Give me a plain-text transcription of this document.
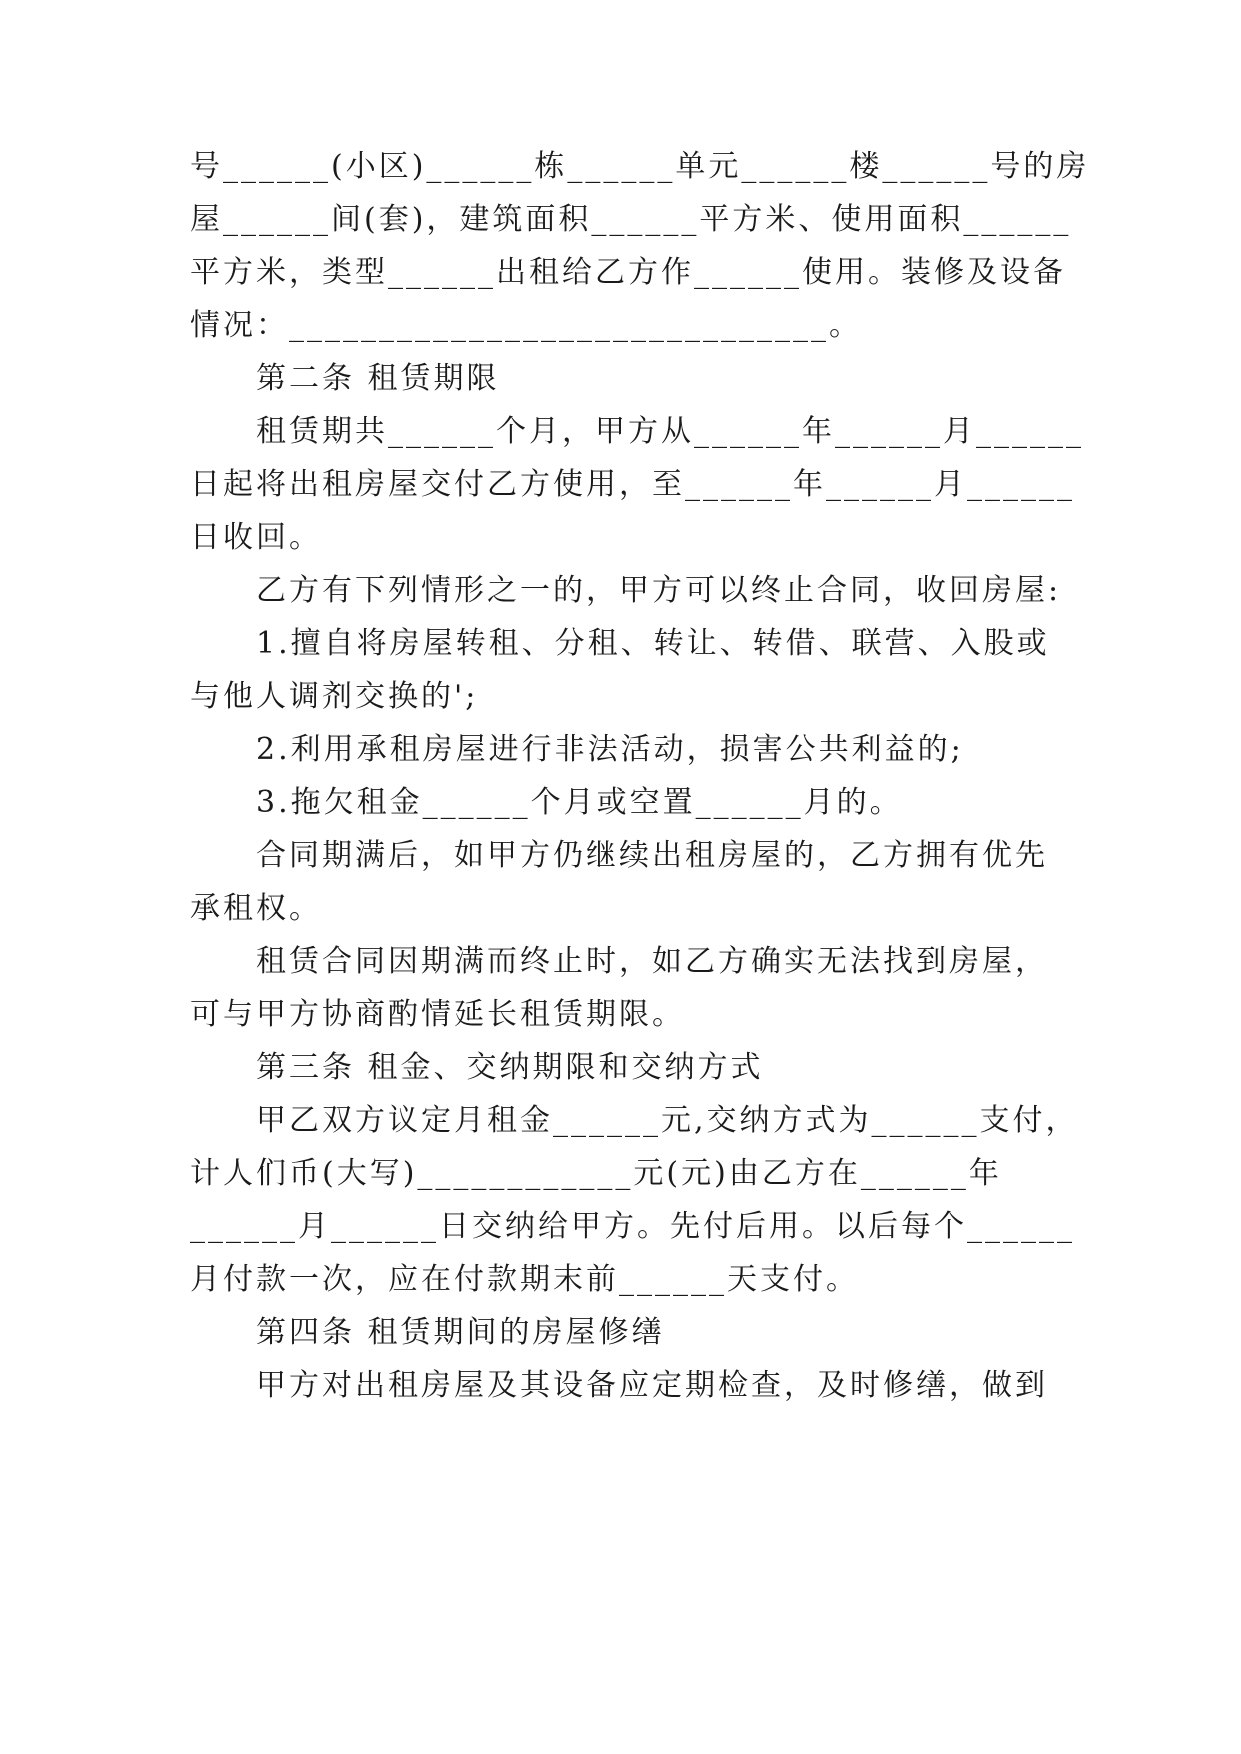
号______(小区)______栋______单元______楼______号的房
屋______间(套)，建筑面积______平方米、使用面积______
平方米，类型______出租给乙方作______使用。装修及设备
情况：______________________________。
第二条 租赁期限
租赁期共______个月，甲方从______年______月______
日起将出租房屋交付乙方使用，至______年______月______
日收回。
乙方有下列情形之一的，甲方可以终止合同，收回房屋:
1.擅自将房屋转租、分租、转让、转借、联营、入股或
与他人调剂交换的';
2.利用承租房屋进行非法活动，损害公共利益的;
3.拖欠租金______个月或空置______月的。
合同期满后，如甲方仍继续出租房屋的，乙方拥有优先
承租权。
租赁合同因期满而终止时，如乙方确实无法找到房屋，
可与甲方协商酌情延长租赁期限。
第三条 租金、交纳期限和交纳方式
甲乙双方议定月租金______元,交纳方式为______支付，
计人们币(大写)____________元(元)由乙方在______年
______月______日交纳给甲方。先付后用。以后每个______
月付款一次，应在付款期末前______天支付。
第四条 租赁期间的房屋修缮
甲方对出租房屋及其设备应定期检查，及时修缮，做到
